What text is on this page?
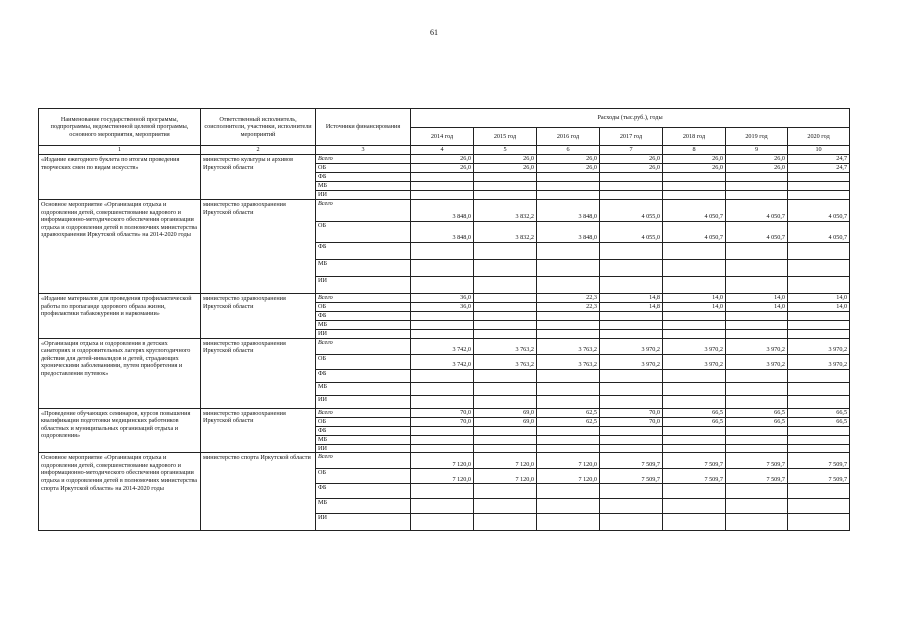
61
Наименование государственной программы, подпрограммы, ведомственной целевой программы, основного мероприятия, мероприятия	Ответственный исполнитель, соисполнители, участники, исполнители мероприятий	Источники финансирования	Расходы (тыс.руб.), годы						
			2014 год	2015 год	2016 год	2017 год	2018 год	2019 год	2020 год
1	2	3	4	5	6	7	8	9	10
«Издание ежегодного буклета по итогам проведения творческих смен по видам искусств»	министерство культуры и архивов Иркутской области	Всего	26,0	26,0	26,0	26,0	26,0	26,0	24,7
		ОБ	26,0	26,0	26,0	26,0	26,0	26,0	24,7
		ФБ							
		МБ							
		ИИ							
Основное мероприятие «Организация отдыха и оздоровления детей, совершенствование кадрового и информационно-методического обеспечения организации отдыха и оздоровления детей в полномочиях министерства здравоохранения Иркутской области» на 2014-2020 годы	министерство здравоохранения Иркутской области	Всего	3 848,0	3 832,2	3 848,0	4 055,0	4 050,7	4 050,7	4 050,7
		ОБ	3 848,0	3 832,2	3 848,0	4 055,0	4 050,7	4 050,7	4 050,7
		ФБ							
		МБ							
		ИИ							
«Издание материалов для проведения профилактической работы по пропаганде здорового образа жизни, профилактики табакокурения и наркомании»	министерство здравоохранения Иркутской области	Всего	36,0		22,3	14,8	14,0	14,0	14,0
		ОБ	36,0		22,3	14,8	14,0	14,0	14,0
		ФБ							
		МБ							
		ИИ							
«Организация отдыха и оздоровления в детских санаториях и оздоровительных лагерях круглогодичного действия для детей-инвалидов и детей, страдающих хроническими заболеваниями, путем приобретения и предоставления путевок»	министерство здравоохранения Иркутской области	Всего	3 742,0	3 763,2	3 763,2	3 970,2	3 970,2	3 970,2	3 970,2
		ОБ	3 742,0	3 763,2	3 763,2	3 970,2	3 970,2	3 970,2	3 970,2
		ФБ							
		МБ							
		ИИ							
«Проведение обучающих семинаров, курсов повышения квалификации подготовки медицинских работников областных и муниципальных организаций отдыха и оздоровления»	министерство здравоохранения Иркутской области	Всего	70,0	69,0	62,5	70,0	66,5	66,5	66,5
		ОБ	70,0	69,0	62,5	70,0	66,5	66,5	66,5
		ФБ							
		МБ							
		ИИ							
Основное мероприятие «Организация отдыха и оздоровления детей, совершенствование кадрового и информационно-методического обеспечения организации отдыха и оздоровления детей в полномочиях министерства спорта Иркутской области» на 2014-2020 годы	министерство спорта Иркутской области	Всего	7 120,0	7 120,0	7 120,0	7 509,7	7 509,7	7 509,7	7 509,7
		ОБ	7 120,0	7 120,0	7 120,0	7 509,7	7 509,7	7 509,7	7 509,7
		ФБ							
		МБ							
		ИИ							
